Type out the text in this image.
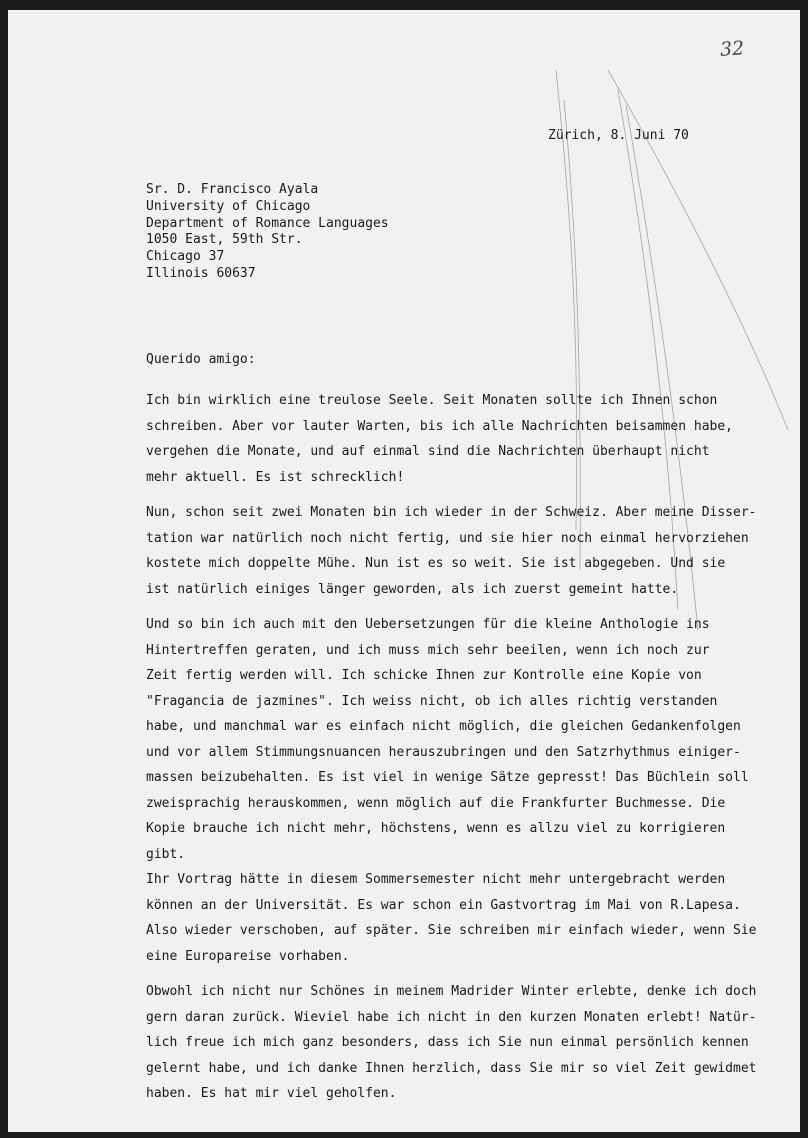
32
Zürich, 8. Juni 70
Sr. D. Francisco Ayala
University of Chicago
Department of Romance Languages
1050 East, 59th Str.
Chicago 37
Illinois 60637
Querido amigo:
Ich bin wirklich eine treulose Seele. Seit Monaten sollte ich Ihnen schon
schreiben. Aber vor lauter Warten, bis ich alle Nachrichten beisammen habe,
vergehen die Monate, und auf einmal sind die Nachrichten überhaupt nicht
mehr aktuell. Es ist schrecklich!
Nun, schon seit zwei Monaten bin ich wieder in der Schweiz. Aber meine Disser-
tation war natürlich noch nicht fertig, und sie hier noch einmal hervorziehen
kostete mich doppelte Mühe. Nun ist es so weit. Sie ist abgegeben. Und sie
ist natürlich einiges länger geworden, als ich zuerst gemeint hatte.
Und so bin ich auch mit den Uebersetzungen für die kleine Anthologie ins
Hintertreffen geraten, und ich muss mich sehr beeilen, wenn ich noch zur
Zeit fertig werden will. Ich schicke Ihnen zur Kontrolle eine Kopie von
"Fragancia de jazmines". Ich weiss nicht, ob ich alles richtig verstanden
habe, und manchmal war es einfach nicht möglich, die gleichen Gedankenfolgen
und vor allem Stimmungsnuancen herauszubringen und den Satzrhythmus einiger-
massen beizubehalten. Es ist viel in wenige Sätze gepresst! Das Büchlein soll
zweisprachig herauskommen, wenn möglich auf die Frankfurter Buchmesse. Die
Kopie brauche ich nicht mehr, höchstens, wenn es allzu viel zu korrigieren
gibt.
Ihr Vortrag hätte in diesem Sommersemester nicht mehr untergebracht werden
können an der Universität. Es war schon ein Gastvortrag im Mai von R.Lapesa.
Also wieder verschoben, auf später. Sie schreiben mir einfach wieder, wenn Sie
eine Europareise vorhaben.
Obwohl ich nicht nur Schönes in meinem Madrider Winter erlebte, denke ich doch
gern daran zurück. Wieviel habe ich nicht in den kurzen Monaten erlebt! Natür-
lich freue ich mich ganz besonders, dass ich Sie nun einmal persönlich kennen
gelernt habe, und ich danke Ihnen herzlich, dass Sie mir so viel Zeit gewidmet
haben. Es hat mir viel geholfen.
